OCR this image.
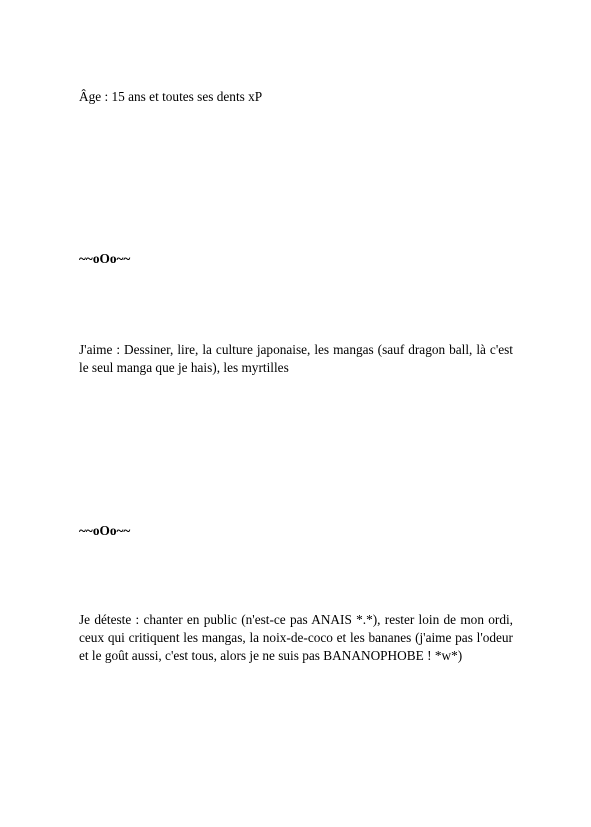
Âge : 15 ans et toutes ses dents xP

~~oOo~~

J'aime : Dessiner, lire, la culture japonaise, les mangas (sauf dragon ball, là c'est le seul manga que je hais), les myrtilles

~~oOo~~

Je déteste : chanter en public (n'est-ce pas ANAIS *.*), rester loin de mon ordi, ceux qui critiquent les mangas, la noix-de-coco et les bananes (j'aime pas l'odeur et le goût aussi, c'est tous, alors je ne suis pas BANANOPHOBE ! *w*)
